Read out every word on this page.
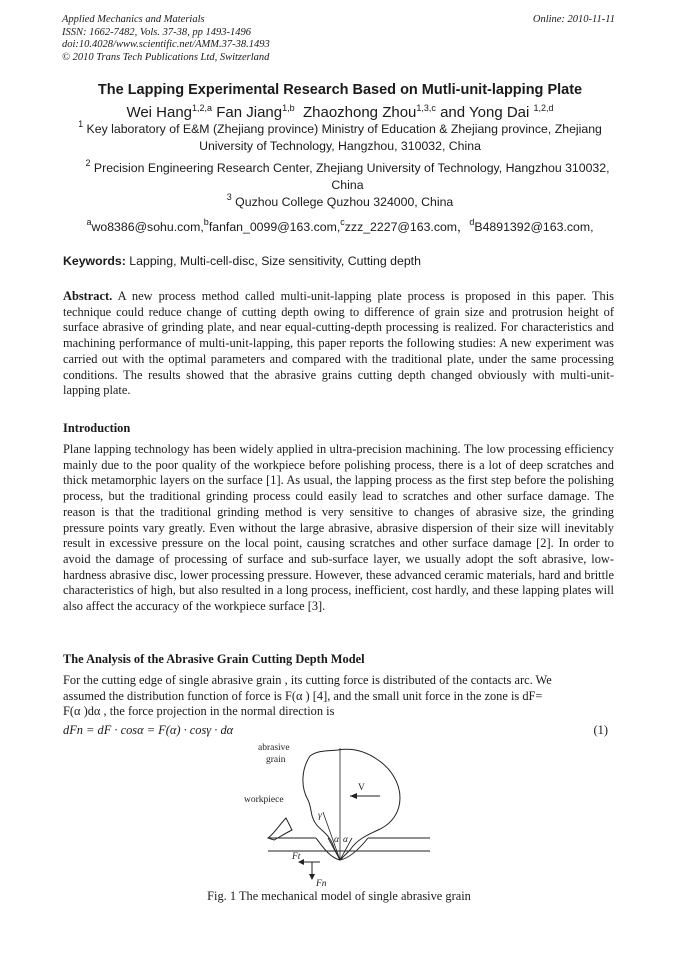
Applied Mechanics and Materials
ISSN: 1662-7482, Vols. 37-38, pp 1493-1496
doi:10.4028/www.scientific.net/AMM.37-38.1493
© 2010 Trans Tech Publications Ltd, Switzerland
Online: 2010-11-11
The Lapping Experimental Research Based on Mutli-unit-lapping Plate
Wei Hang$^{1,2,a}$ Fan Jiang$^{1,b}$ Zhaozhong Zhou$^{1,3,c}$ and Yong Dai $^{1,2,d}$
$^1$ Key laboratory of E&M (Zhejiang province) Ministry of Education & Zhejiang province, Zhejiang University of Technology, Hangzhou, 310032, China
$^2$ Precision Engineering Research Center, Zhejiang University of Technology, Hangzhou 310032, China
$^3$ Quzhou College Quzhou 324000, China
$^a$wo8386@sohu.com,$^b$fanfan_0099@163.com,$^c$zzz_2227@163.com，$^d$B4891392@163.com,
Keywords: Lapping, Multi-cell-disc, Size sensitivity, Cutting depth
Abstract. A new process method called multi-unit-lapping plate process is proposed in this paper. This technique could reduce change of cutting depth owing to difference of grain size and protrusion height of surface abrasive of grinding plate, and near equal-cutting-depth processing is realized. For characteristics and machining performance of multi-unit-lapping, this paper reports the following studies: A new experiment was carried out with the optimal parameters and compared with the traditional plate, under the same processing conditions. The results showed that the abrasive grains cutting depth changed obviously with multi-unit-lapping plate.
Introduction
Plane lapping technology has been widely applied in ultra-precision machining. The low processing efficiency mainly due to the poor quality of the workpiece before polishing process, there is a lot of deep scratches and thick metamorphic layers on the surface [1]. As usual, the lapping process as the first step before the polishing process, but the traditional grinding process could easily lead to scratches and other surface damage. The reason is that the traditional grinding method is very sensitive to changes of abrasive size, the grinding pressure points vary greatly. Even without the large abrasive, abrasive dispersion of their size will inevitably result in excessive pressure on the local point, causing scratches and other surface damage [2]. In order to avoid the damage of processing of surface and sub-surface layer, we usually adopt the soft abrasive, low-hardness abrasive disc, lower processing pressure. However, these advanced ceramic materials, hard and brittle characteristics of high, but also resulted in a long process, inefficient, cost hardly, and these lapping plates will also affect the accuracy of the workpiece surface [3].
The Analysis of the Abrasive Grain Cutting Depth Model
For the cutting edge of single abrasive grain , its cutting force is distributed of the contacts arc. We
assumed the distribution function of force is F(α ) [4], and the small unit force in the zone is dF=
F(α )dα , the force projection in the normal direction is
dFn = dF · cosα = F(α) · cosγ · dα	(1)
abrasive
grain
workpiece
V
γ
α α
Ft
Fn
Fig. 1 The mechanical model of single abrasive grain
